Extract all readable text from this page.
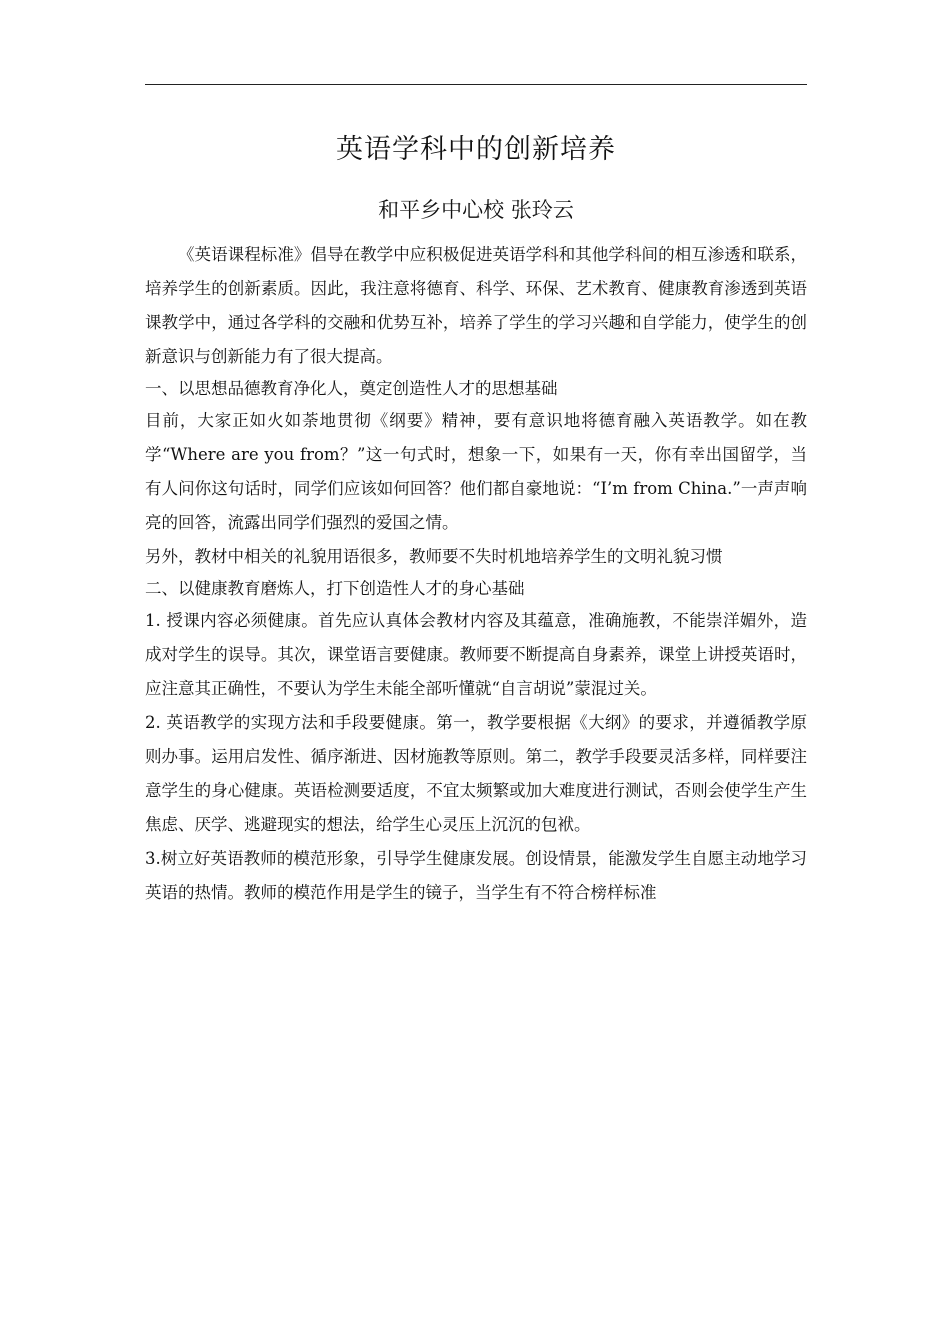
英语学科中的创新培养
和平乡中心校 张玲云

《英语课程标准》倡导在教学中应积极促进英语学科和其他学科间的相互渗透和联系，培养学生的创新素质。因此，我注意将德育、科学、环保、艺术教育、健康教育渗透到英语课教学中，通过各学科的交融和优势互补，培养了学生的学习兴趣和自学能力，使学生的创新意识与创新能力有了很大提高。

一、以思想品德教育净化人，奠定创造性人才的思想基础

目前，大家正如火如荼地贯彻《纲要》精神，要有意识地将德育融入英语教学。如在教学“Where are you from？”这一句式时，想象一下，如果有一天，你有幸出国留学，当有人问你这句话时，同学们应该如何回答？他们都自豪地说：“I’m from China.”一声声响亮的回答，流露出同学们强烈的爱国之情。

另外，教材中相关的礼貌用语很多，教师要不失时机地培养学生的文明礼貌习惯

二、以健康教育磨炼人，打下创造性人才的身心基础

1. 授课内容必须健康。首先应认真体会教材内容及其蕴意，准确施教，不能崇洋媚外，造成对学生的误导。其次，课堂语言要健康。教师要不断提高自身素养，课堂上讲授英语时，应注意其正确性，不要认为学生未能全部听懂就“自言胡说”蒙混过关。

2. 英语教学的实现方法和手段要健康。第一，教学要根据《大纲》的要求，并遵循教学原则办事。运用启发性、循序渐进、因材施教等原则。第二，教学手段要灵活多样，同样要注意学生的身心健康。英语检测要适度，不宜太频繁或加大难度进行测试，否则会使学生产生焦虑、厌学、逃避现实的想法，给学生心灵压上沉沉的包袱。

3.树立好英语教师的模范形象，引导学生健康发展。创设情景，能激发学生自愿主动地学习英语的热情。教师的模范作用是学生的镜子，当学生有不符合榜样标准
